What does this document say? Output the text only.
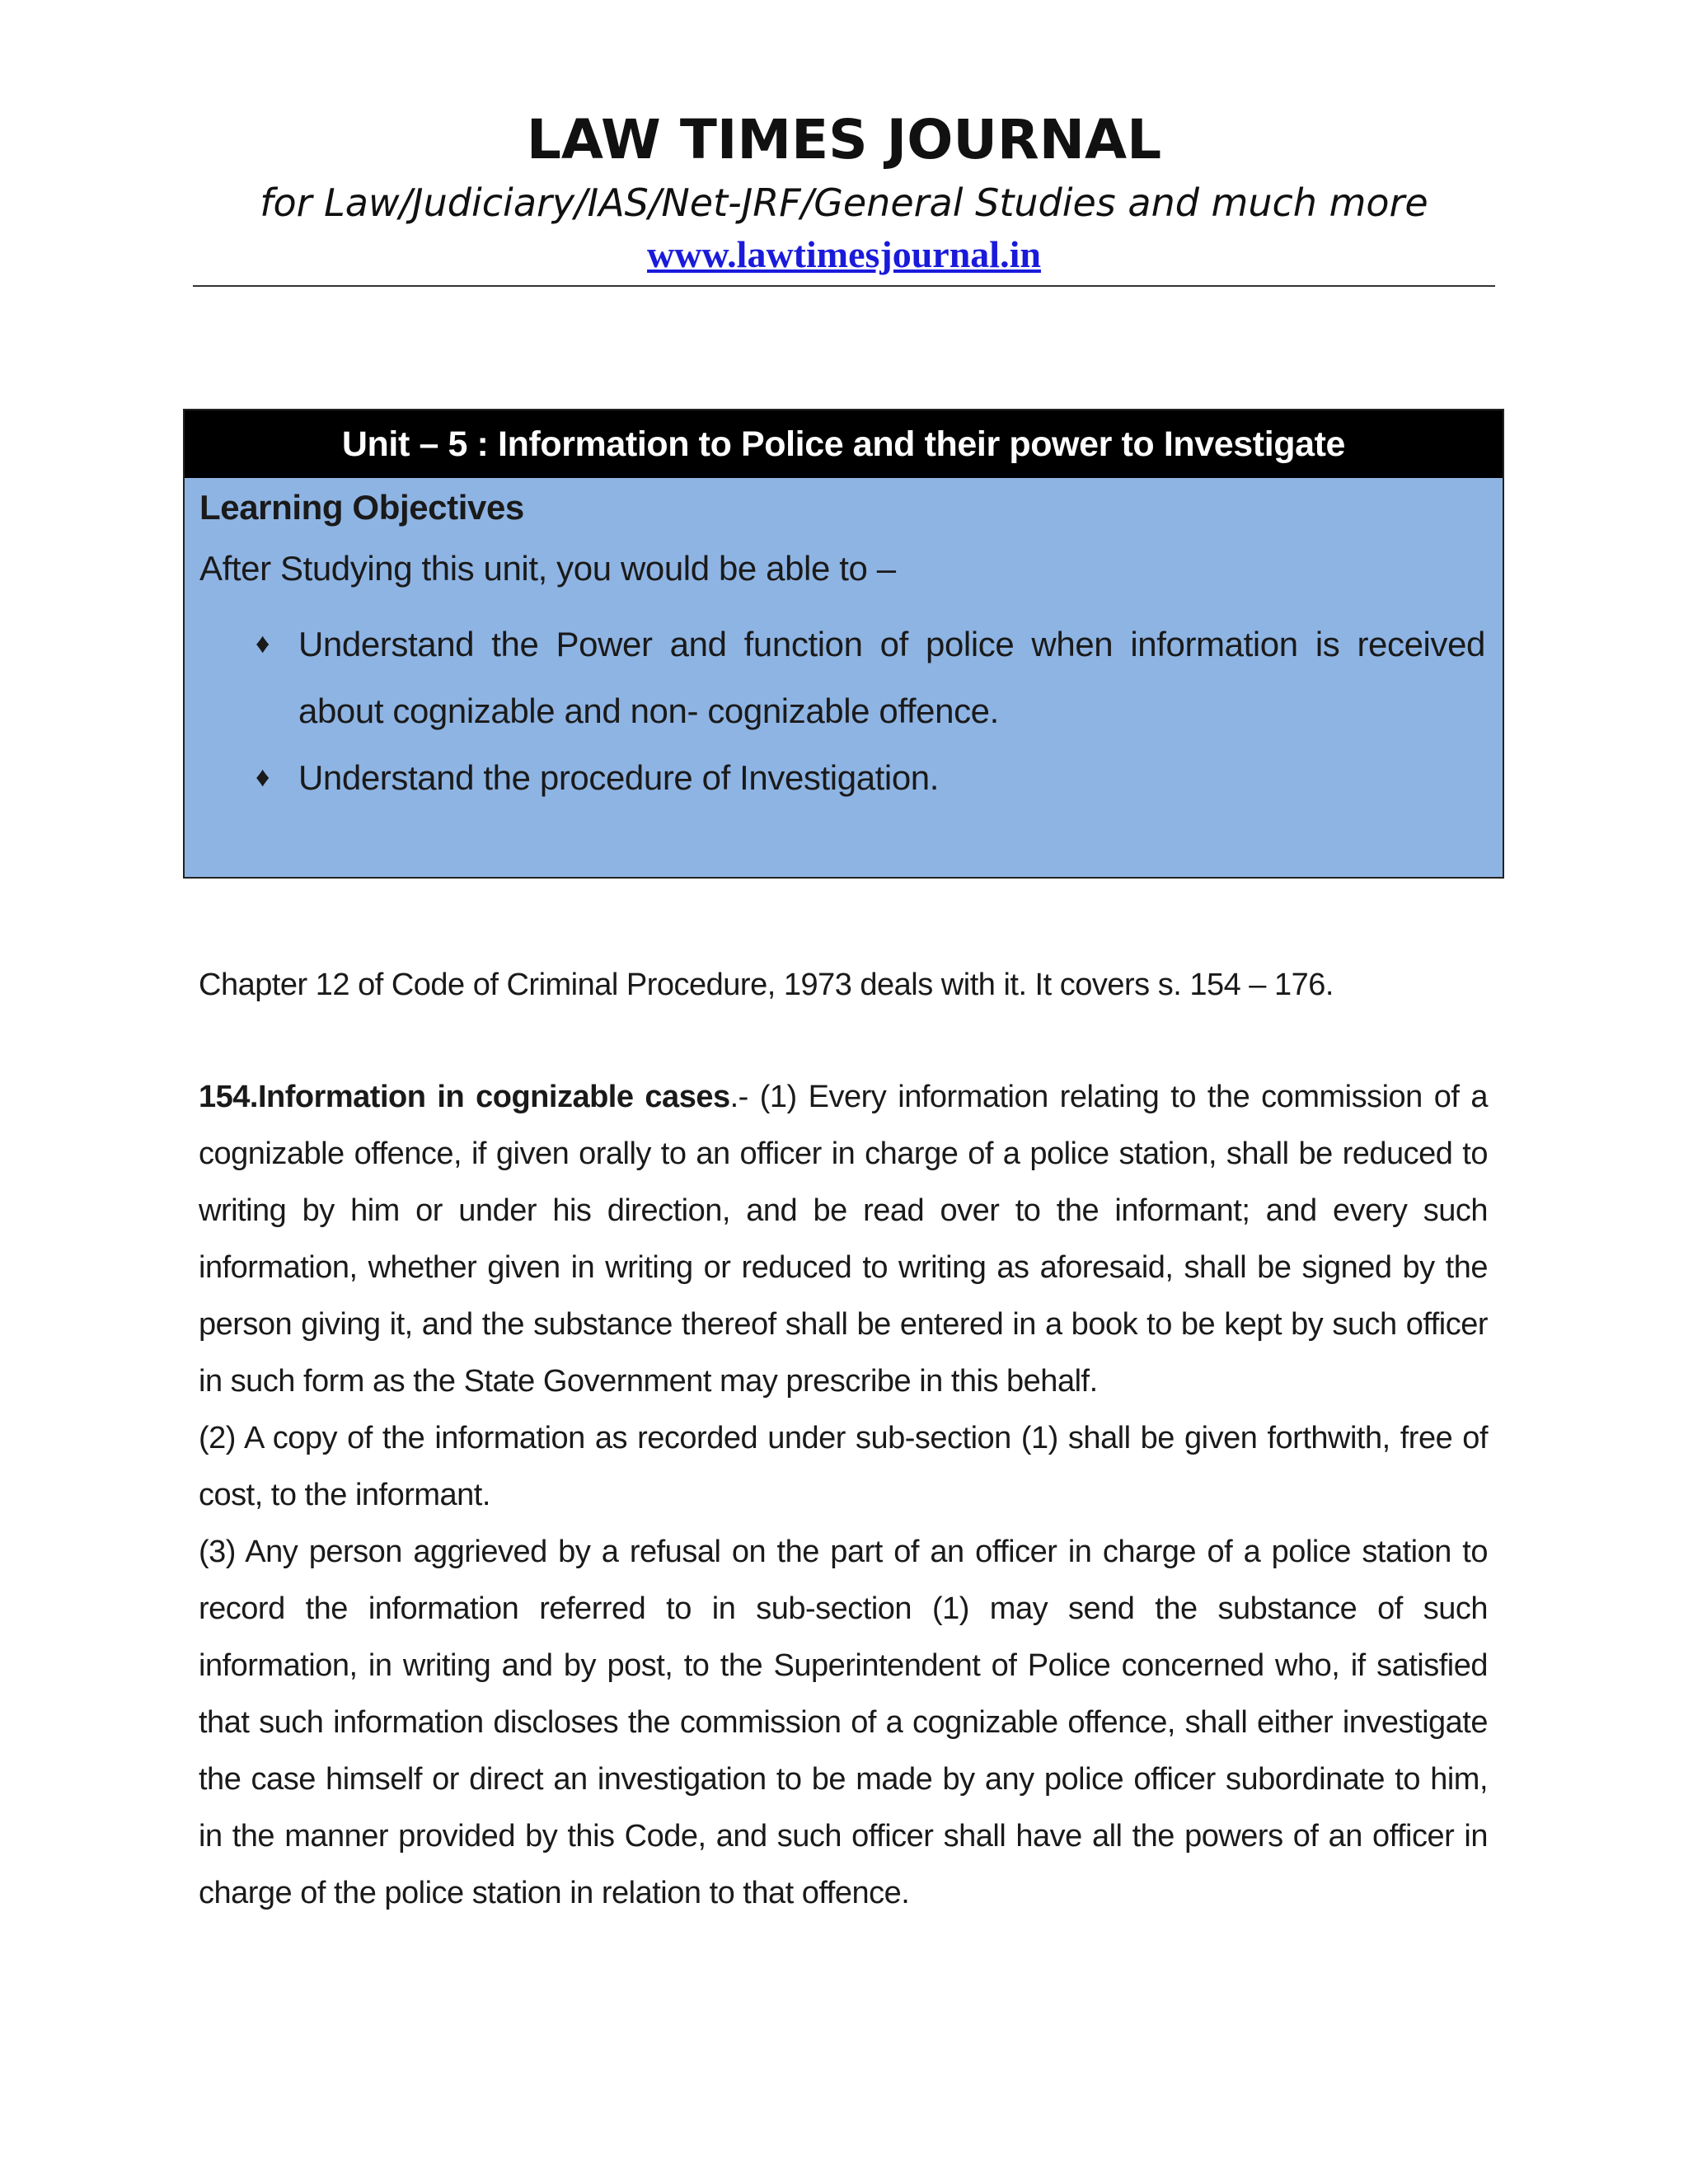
LAW TIMES JOURNAL
for Law/Judiciary/IAS/Net-JRF/General Studies and much more
www.lawtimesjournal.in
Unit – 5 : Information to Police and their power to Investigate
Learning Objectives
After Studying this unit, you would be able to –
♦ Understand the Power and function of police when information is received about cognizable and non- cognizable offence.
♦ Understand the procedure of Investigation.
Chapter 12 of Code of Criminal Procedure, 1973 deals with it. It covers s. 154 – 176.

154.Information in cognizable cases.- (1) Every information relating to the commission of a cognizable offence, if given orally to an officer in charge of a police station, shall be reduced to writing by him or under his direction, and be read over to the informant; and every such information, whether given in writing or reduced to writing as aforesaid, shall be signed by the person giving it, and the substance thereof shall be entered in a book to be kept by such officer in such form as the State Government may prescribe in this behalf.

(2) A copy of the information as recorded under sub-section (1) shall be given forthwith, free of cost, to the informant.

(3) Any person aggrieved by a refusal on the part of an officer in charge of a police station to record the information referred to in sub-section (1) may send the substance of such information, in writing and by post, to the Superintendent of Police concerned who, if satisfied that such information discloses the commission of a cognizable offence, shall either investigate the case himself or direct an investigation to be made by any police officer subordinate to him, in the manner provided by this Code, and such officer shall have all the powers of an officer in charge of the police station in relation to that offence.
